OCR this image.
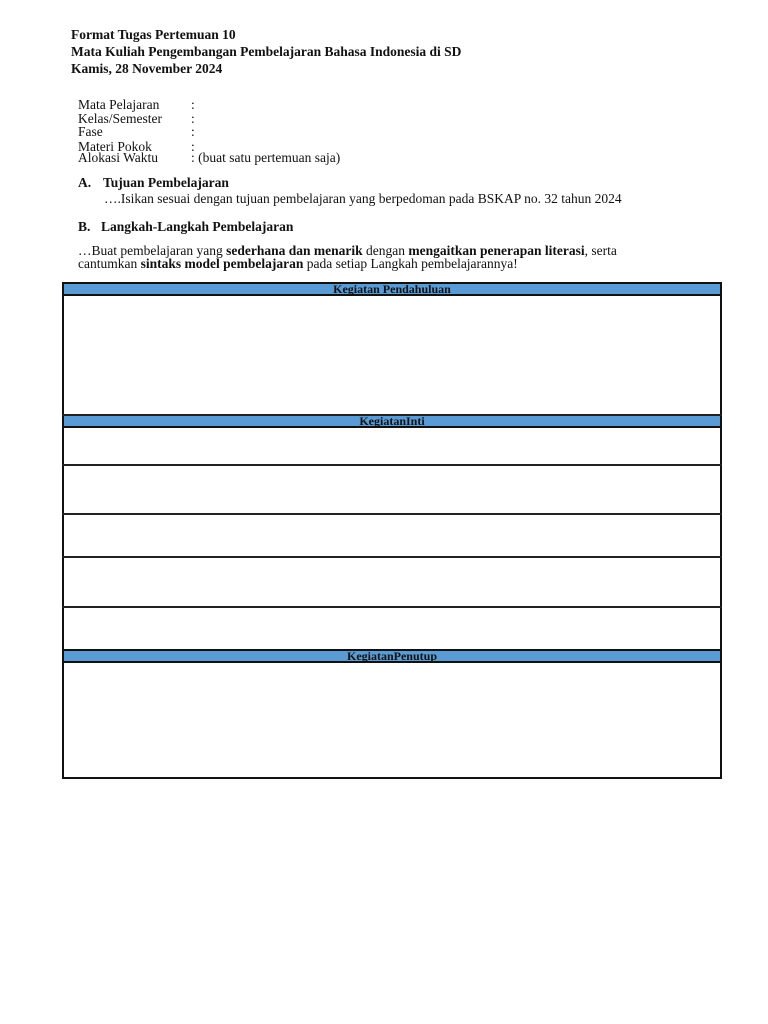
Format Tugas Pertemuan 10
Mata Kuliah Pengembangan Pembelajaran Bahasa Indonesia di SD
Kamis, 28 November 2024
Mata Pelajaran :
Kelas/Semester :
Fase	:
Materi Pokok	:
Alokasi Waktu : (buat satu pertemuan saja)
A. Tujuan Pembelajaran
….Isikan sesuai dengan tujuan pembelajaran yang berpedoman pada BSKAP no. 32 tahun 2024
B. Langkah-Langkah Pembelajaran
…Buat pembelajaran yang sederhana dan menarik dengan mengaitkan penerapan literasi, serta
cantumkan sintaks model pembelajaran pada setiap Langkah pembelajarannya!
Kegiatan Pendahuluan

KegiatanInti

KegiatanPenutup
